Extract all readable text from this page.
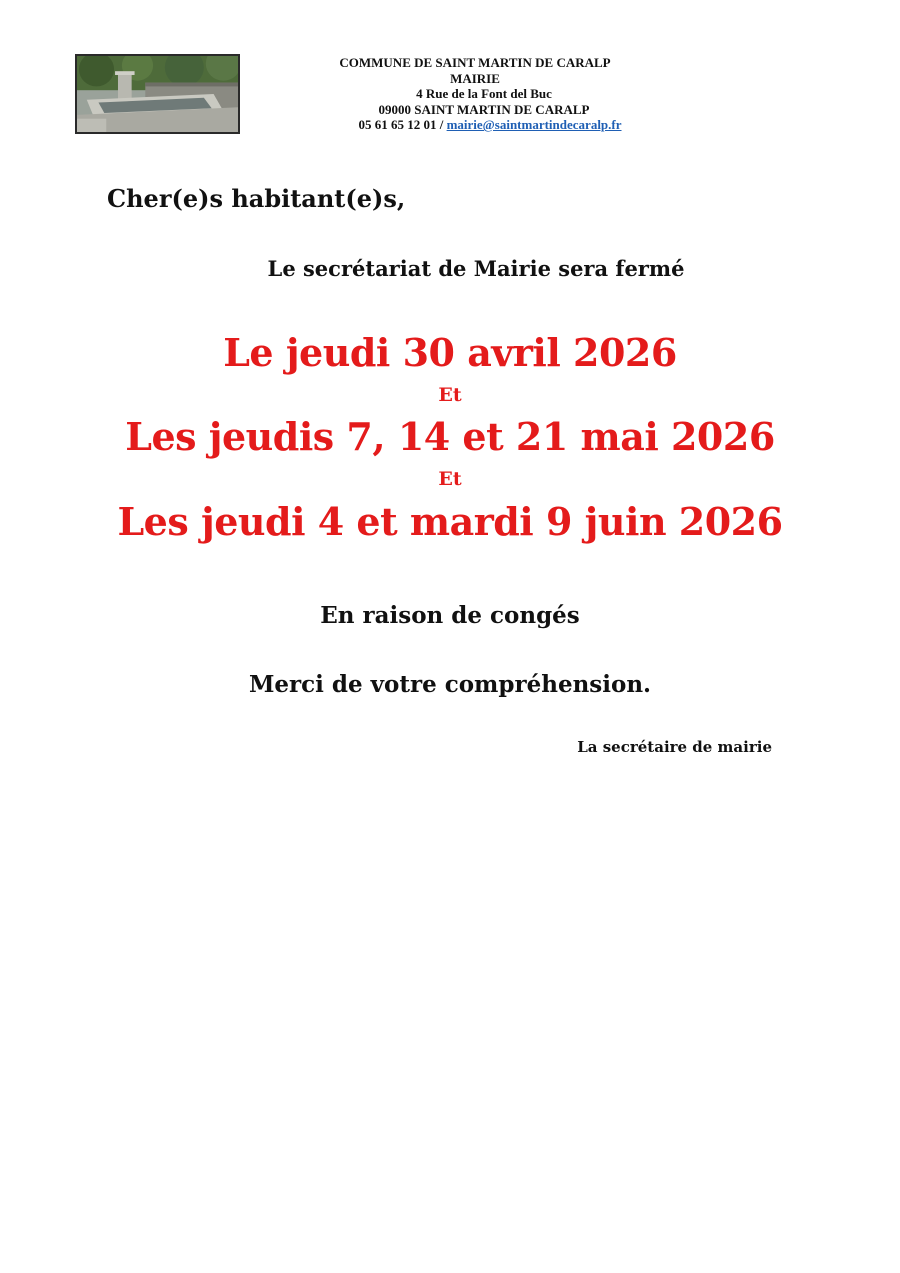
COMMUNE DE SAINT MARTIN DE CARALP
MAIRIE
4 Rue de la Font del Buc
09000 SAINT MARTIN DE CARALP
05 61 65 12 01 / mairie@saintmartindecaralp.fr
Cher(e)s habitant(e)s,
Le secrétariat de Mairie sera fermé
Le jeudi 30 avril 2026
Et
Les jeudis 7, 14 et 21 mai 2026
Et
Les jeudi 4 et mardi 9 juin 2026
En raison de congés
Merci de votre compréhension.
La secrétaire de mairie
